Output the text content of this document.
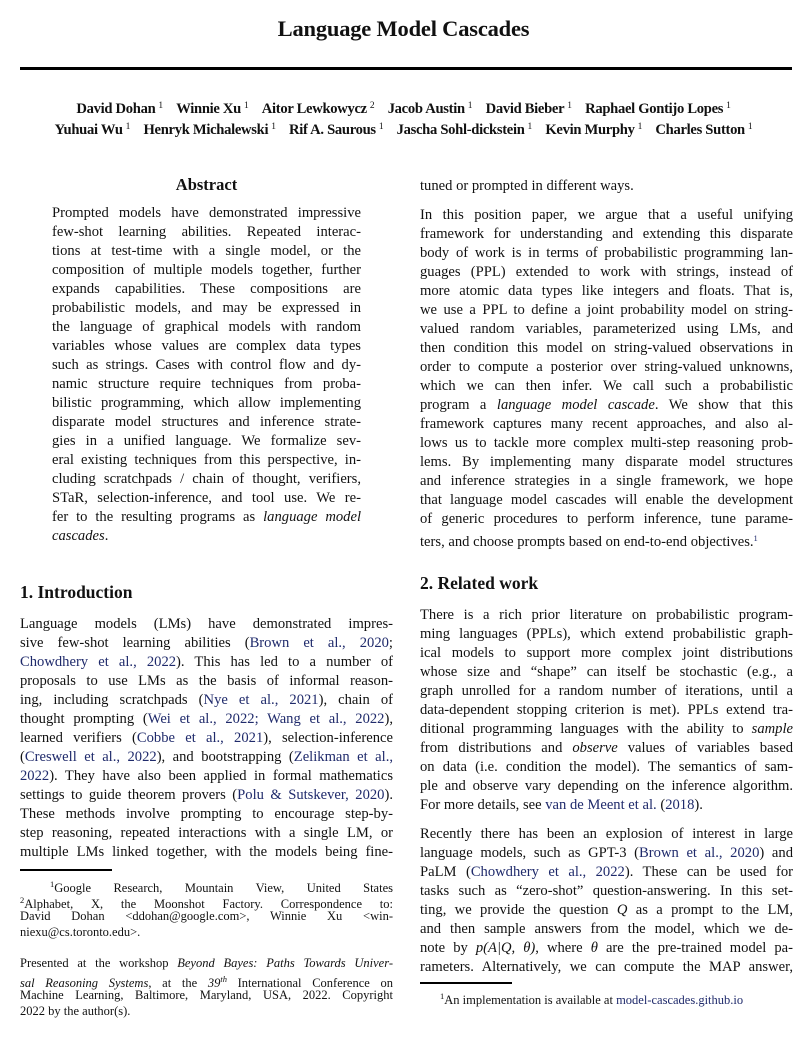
Language Model Cascades
David Dohan $^1$ Winnie Xu $^1$ Aitor Lewkowycz $^2$ Jacob Austin $^1$ David Bieber $^1$ Raphael Gontijo Lopes $^1$
Yuhuai Wu $^1$ Henryk Michalewski $^1$ Rif A. Saurous $^1$ Jascha Sohl-dickstein $^1$ Kevin Murphy $^1$ Charles Sutton $^1$
Abstract
Prompted models have demonstrated impressive
few-shot learning abilities. Repeated interac-
tions at test-time with a single model, or the
composition of multiple models together, further
expands capabilities. These compositions are
probabilistic models, and may be expressed in
the language of graphical models with random
variables whose values are complex data types
such as strings. Cases with control flow and dy-
namic structure require techniques from proba-
bilistic programming, which allow implementing
disparate model structures and inference strate-
gies in a unified language. We formalize sev-
eral existing techniques from this perspective, in-
cluding scratchpads / chain of thought, verifiers,
STaR, selection-inference, and tool use. We re-
fer to the resulting programs as language model
cascades.
1. Introduction
Language models (LMs) have demonstrated impres-
sive few-shot learning abilities (Brown et al., 2020;
Chowdhery et al., 2022). This has led to a number of
proposals to use LMs as the basis of informal reason-
ing, including scratchpads (Nye et al., 2021), chain of
thought prompting (Wei et al., 2022; Wang et al., 2022),
learned verifiers (Cobbe et al., 2021), selection-inference
(Creswell et al., 2022), and bootstrapping (Zelikman et al.,
2022). They have also been applied in formal mathematics
settings to guide theorem provers (Polu & Sutskever, 2020).
These methods involve prompting to encourage step-by-
step reasoning, repeated interactions with a single LM, or
multiple LMs linked together, with the models being fine-
$^1$Google Research, Mountain View, United States
$^2$Alphabet, X, the Moonshot Factory. Correspondence to:
David Dohan <ddohan@google.com>, Winnie Xu <win-
niexu@cs.toronto.edu>.
Presented at the workshop Beyond Bayes: Paths Towards Univer-
sal Reasoning Systems, at the 39th International Conference on
Machine Learning, Baltimore, Maryland, USA, 2022. Copyright
2022 by the author(s).
tuned or prompted in different ways.
In this position paper, we argue that a useful unifying
framework for understanding and extending this disparate
body of work is in terms of probabilistic programming lan-
guages (PPL) extended to work with strings, instead of
more atomic data types like integers and floats. That is,
we use a PPL to define a joint probability model on string-
valued random variables, parameterized using LMs, and
then condition this model on string-valued observations in
order to compute a posterior over string-valued unknowns,
which we can then infer. We call such a probabilistic
program a language model cascade. We show that this
framework captures many recent approaches, and also al-
lows us to tackle more complex multi-step reasoning prob-
lems. By implementing many disparate model structures
and inference strategies in a single framework, we hope
that language model cascades will enable the development
of generic procedures to perform inference, tune parame-
ters, and choose prompts based on end-to-end objectives.$^1$
2. Related work
There is a rich prior literature on probabilistic program-
ming languages (PPLs), which extend probabilistic graph-
ical models to support more complex joint distributions
whose size and “shape” can itself be stochastic (e.g., a
graph unrolled for a random number of iterations, until a
data-dependent stopping criterion is met). PPLs extend tra-
ditional programming languages with the ability to sample
from distributions and observe values of variables based
on data (i.e. condition the model). The semantics of sam-
ple and observe vary depending on the inference algorithm.
For more details, see van de Meent et al. (2018).
Recently there has been an explosion of interest in large
language models, such as GPT-3 (Brown et al., 2020) and
PaLM (Chowdhery et al., 2022). These can be used for
tasks such as “zero-shot” question-answering. In this set-
ting, we provide the question Q as a prompt to the LM,
and then sample answers from the model, which we de-
note by p(A|Q, θ), where θ are the pre-trained model pa-
rameters. Alternatively, we can compute the MAP answer,
$^1$An implementation is available at model-cascades.github.io
